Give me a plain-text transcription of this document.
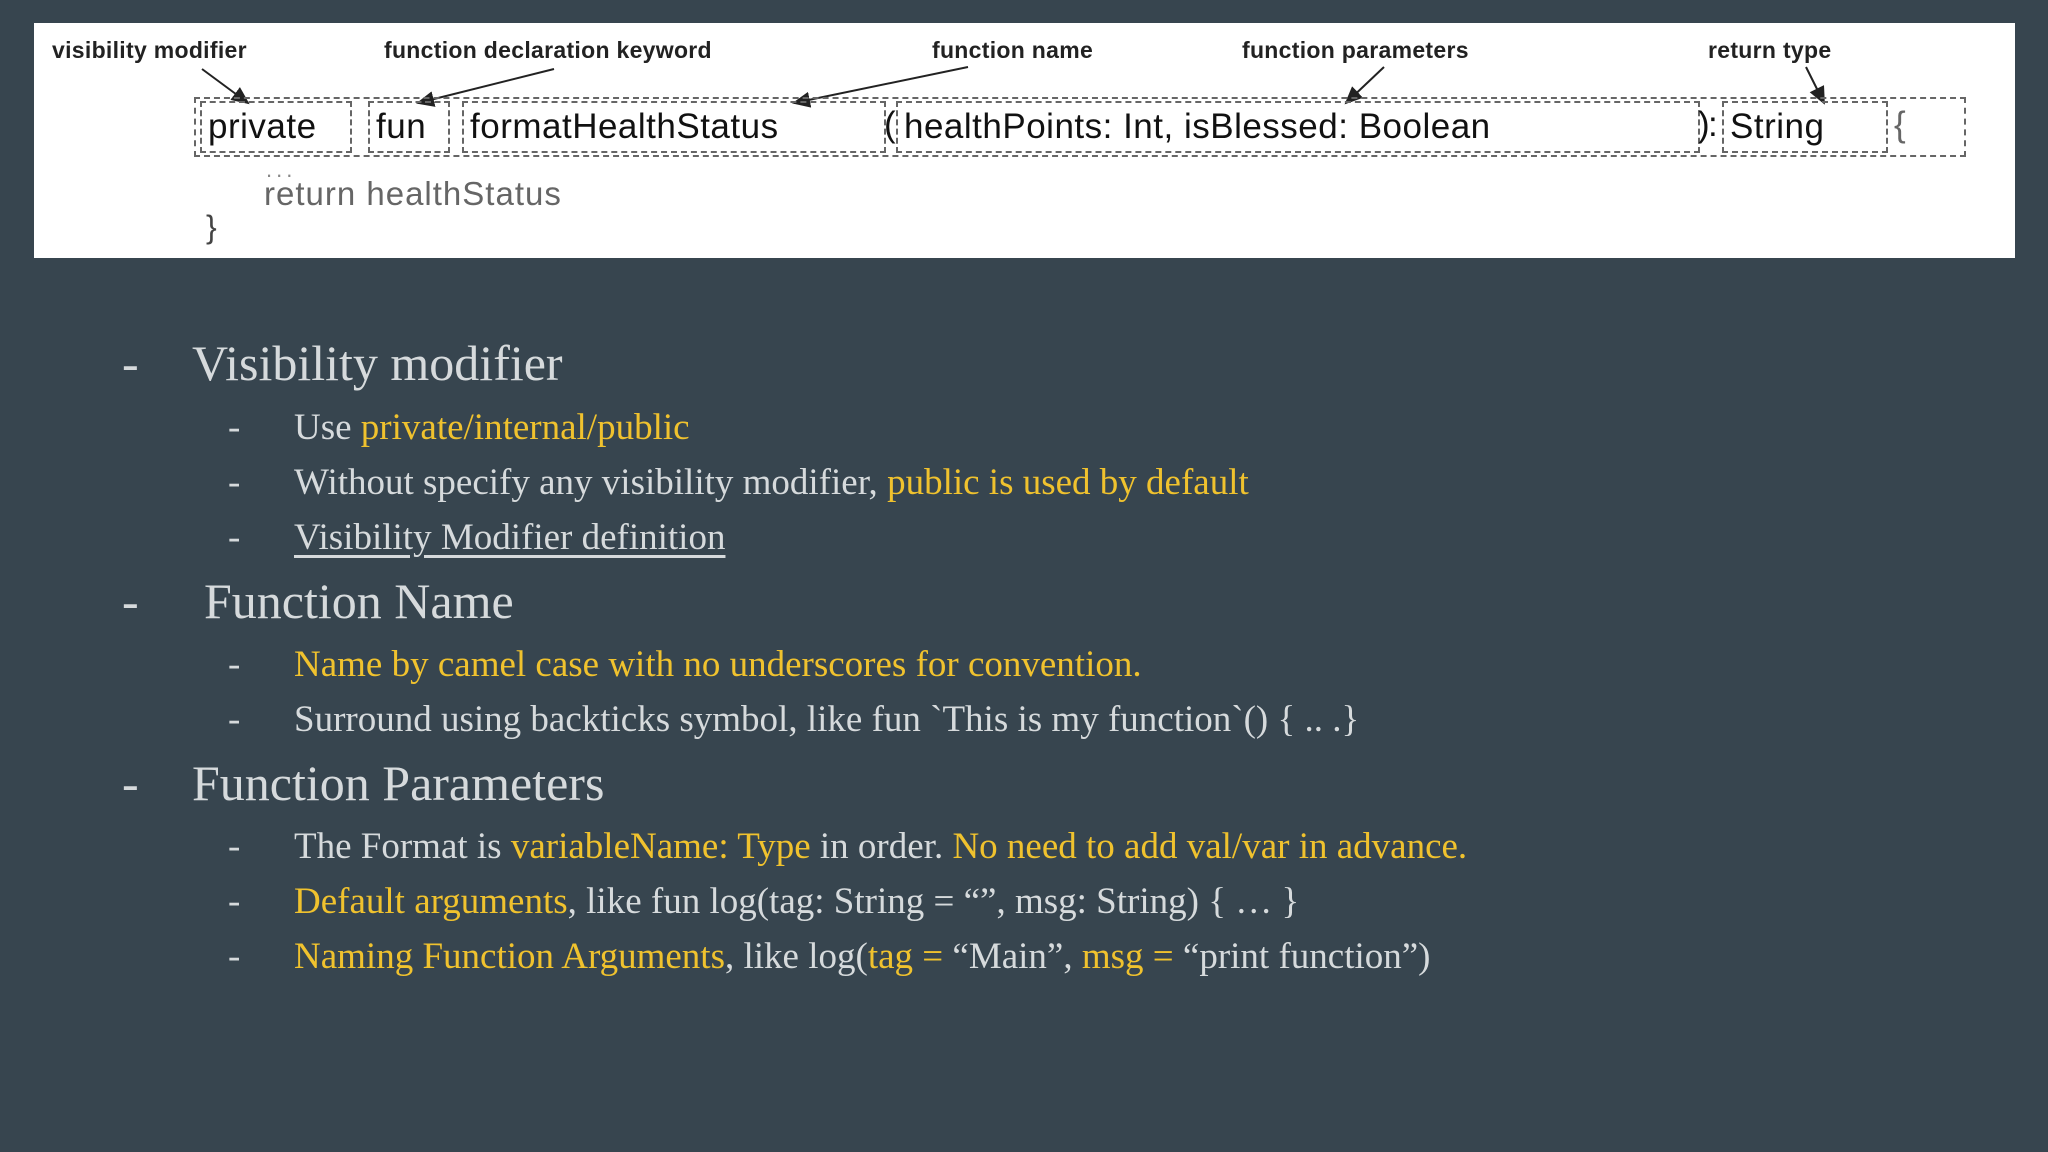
visibility modifier	function declaration keyword	function name	function parameters	return type
private	fun	formatHealthStatus	( healthPoints: Int, isBlessed: Boolean	)
: String	{
...
return healthStatus
}
- Visibility modifier
- Use private/internal/public
- Without specify any visibility modifier, public is used by default
- Visibility Modifier definition
- Function Name
- Name by camel case with no underscores for convention.
- Surround using backticks symbol, like fun `This is my function`() { .. .}
- Function Parameters
- The Format is variableName: Type in order. No need to add val/var in advance.
- Default arguments, like fun log(tag: String = “”, msg: String) { … }
- Naming Function Arguments, like log(tag = “Main”, msg = “print function”)
